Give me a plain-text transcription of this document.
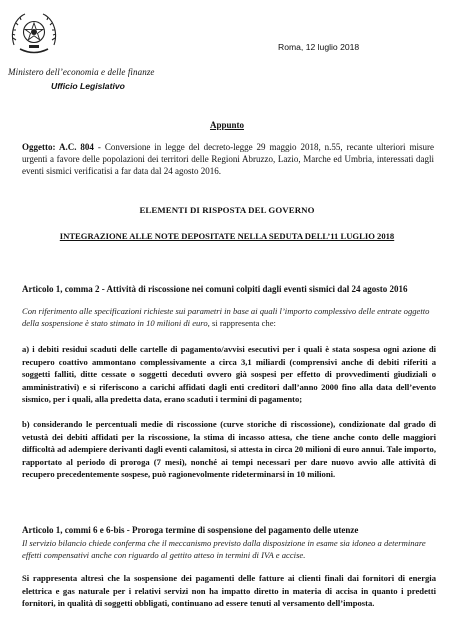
Roma, 12 luglio 2018
Ministero dell’economia e delle finanze
Ufficio Legislativo
Appunto
Oggetto: A.C. 804 - Conversione in legge del decreto-legge 29 maggio 2018, n.55, recante ulteriori misure urgenti a favore delle popolazioni dei territori delle Regioni Abruzzo, Lazio, Marche ed Umbria, interessati dagli eventi sismici verificatisi a far data dal 24 agosto 2016.
ELEMENTI DI RISPOSTA DEL GOVERNO
INTEGRAZIONE ALLE NOTE DEPOSITATE NELLA SEDUTA DELL’11 LUGLIO 2018
Articolo 1, comma 2 - Attività di riscossione nei comuni colpiti dagli eventi sismici dal 24 agosto 2016

Con riferimento alle specificazioni richieste sui parametri in base ai quali l’importo complessivo delle entrate oggetto della sospensione è stato stimato in 10 milioni di euro, si rappresenta che:

a) i debiti residui scaduti delle cartelle di pagamento/avvisi esecutivi per i quali è stata sospesa ogni azione di recupero coattivo ammontano complessivamente a circa 3,1 miliardi (comprensivi anche di debiti riferiti a soggetti falliti, ditte cessate o soggetti deceduti ovvero già sospesi per effetto di provvedimenti giudiziali o amministrativi) e si riferiscono a carichi affidati dagli enti creditori dall’anno 2000 fino alla data dell’evento sismico, per i quali, alla predetta data, erano scaduti i termini di pagamento;

b) considerando le percentuali medie di riscossione (curve storiche di riscossione), condizionate dal grado di vetustà dei debiti affidati per la riscossione, la stima di incasso attesa, che tiene anche conto delle maggiori difficoltà ad adempiere derivanti dagli eventi calamitosi, si attesta in circa 20 milioni di euro annui. Tale importo, rapportato al periodo di proroga (7 mesi), nonché ai tempi necessari per dare nuovo avvio alle attività di recupero precedentemente sospese, può ragionevolmente rideterminarsi in 10 milioni.

Articolo 1, commi 6 e 6-bis - Proroga termine di sospensione del pagamento delle utenze

Il servizio bilancio chiede conferma che il meccanismo previsto dalla disposizione in esame sia idoneo a determinare effetti compensativi anche con riguardo al gettito atteso in termini di IVA e accise.

Si rappresenta altresì che la sospensione dei pagamenti delle fatture ai clienti finali dai fornitori di energia elettrica e gas naturale per i relativi servizi non ha impatto diretto in materia di accisa in quanto i predetti fornitori, in qualità di soggetti obbligati, continuano ad essere tenuti al versamento dell’imposta.
